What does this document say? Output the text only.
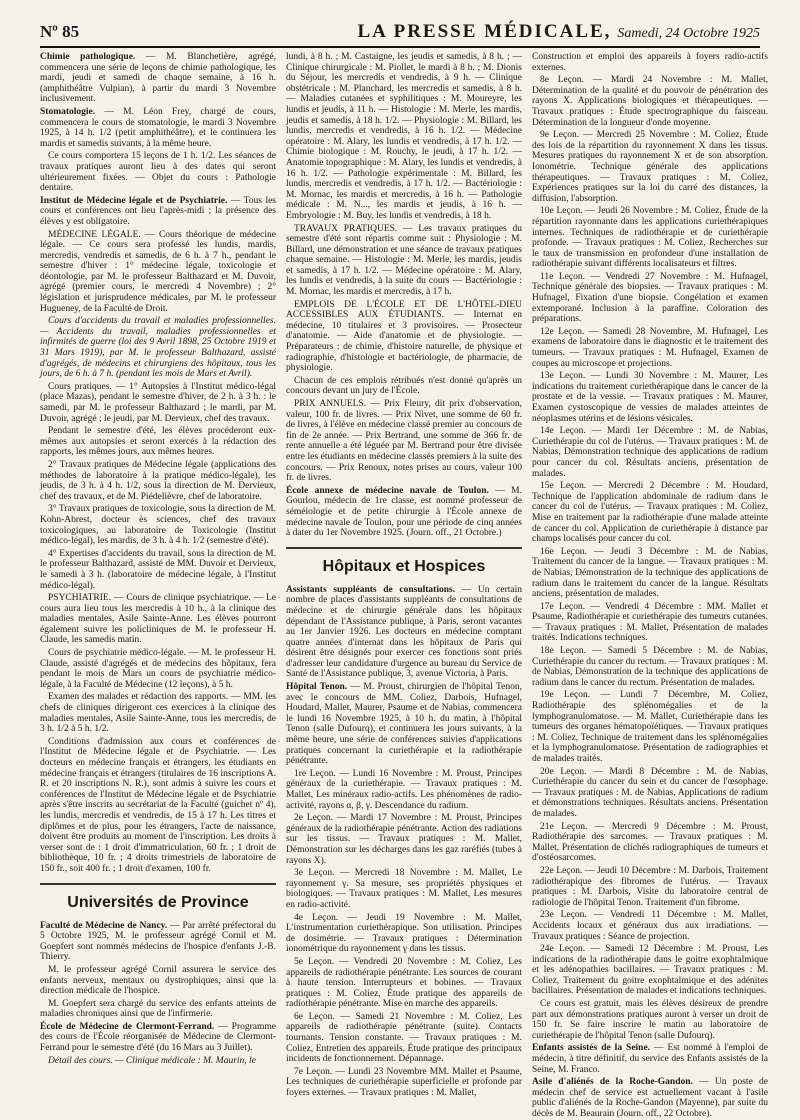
Nº 85	LA PRESSE MÉDICALE, Samedi, 24 Octobre 1925

Chimie pathologique. — M. Blanchetière, agrégé, commencera une série de leçons de chimie pathologique, les mardi, jeudi et samedi de chaque semaine, à 16 h. (amphithéâtre Vulpian), à partir du mardi 3 Novembre inclusivement.

Stomatologie. — M. Léon Frey, chargé de cours, commencera le cours de stomatologie, le mardi 3 Novembre 1925, à 14 h. 1/2 (petit amphithéâtre), et le continuera les mardis et samedis suivants, à la même heure.

Ce cours comportera 15 leçons de 1 h. 1/2. Les séances de travaux pratiques auront lieu à des dates qui seront ultérieurement fixées. — Objet du cours : Pathologie dentaire.

Institut de Médecine légale et de Psychiatrie. — Tous les cours et conférences ont lieu l'après-midi ; la présence des élèves y est obligatoire.

MÉDECINE LÉGALE. — Cours théorique de médecine légale. — Ce cours sera professé les lundis, mardis, mercredis, vendredis et samedis, de 6 h. à 7 h., pendant le semestre d'hiver : 1° médecine légale, toxicologie et déontologie, par M. le professeur Balthazard et M. Duvoir, agrégé (premier cours, le mercredi 4 Novembre) ; 2° législation et jurisprudence médicales, par M. le professeur Hugueney, de la Faculté de Droit.

Cours d'accidents du travail et maladies professionnelles. — Accidents du travail, maladies professionnelles et infirmités de guerre (loi des 9 Avril 1898, 25 Octobre 1919 et 31 Mars 1919), par M. le professeur Balthazard, assisté d'agrégés, de médecins et chirurgiens des hôpitaux, tous les jours, de 6 h. à 7 h. (pendant les mois de Mars et Avril).

Cours pratiques. — 1° Autopsies à l'Institut médico-légal (place Mazas), pendant le semestre d'hiver, de 2 h. à 3 h. : le samedi, par M. le professeur Balthazard ; le mardi, par M. Duvoir, agrégé ; le jeudi, par M. Dervieux, chef des travaux.

Pendant le semestre d'été, les élèves procéderont eux-mêmes aux autopsies et seront exercés à la rédaction des rapports, les mêmes jours, aux mêmes heures.

2° Travaux pratiques de Médecine légale (applications des méthodes de laboratoire à la pratique médico-légale), les jeudis, de 3 h. à 4 h. 1/2, sous la direction de M. Dervieux, chef des travaux, et de M. Piédelièvre, chef de laboratoire.

3° Travaux pratiques de toxicologie, sous la direction de M. Kohn-Abrest, docteur ès sciences, chef des travaux toxicologiques, au laboratoire de Toxicologie (Institut médico-légal), les mardis, de 3 h. à 4 h. 1/2 (semestre d'été).

4° Expertises d'accidents du travail, sous la direction de M. le professeur Balthazard, assisté de MM. Duvoir et Dervieux, le samedi à 3 h. (laboratoire de médecine légale, à l'Institut médico-légal).

PSYCHIATRIE. — Cours de clinique psychiatrique. — Le cours aura lieu tous les mercredis à 10 h., à la clinique des maladies mentales, Asile Sainte-Anne. Les élèves pourront également suivre les policliniques de M. le professeur H. Claude, les samedis matin.

Cours de psychiatrie médico-légale. — M. le professeur H. Claude, assisté d'agrégés et de médecins des hôpitaux, fera pendant le mois de Mars un cours de psychiatrie médico-légale, à la Faculté de Médecine (12 leçons), à 5 h.

Examen des malades et rédaction des rapports. — MM. les chefs de cliniques dirigeront ces exercices à la clinique des maladies mentales, Asile Sainte-Anne, tous les mercredis, de 3 h. 1/2 à 5 h. 1/2.

Conditions d'admission aux cours et conférences de l'Institut de Médecine légale et de Psychiatrie. — Les docteurs en médecine français et étrangers, les étudiants en médecine français et étrangers (titulaires de 16 inscriptions A. R. et 20 inscriptions N. R.), sont admis à suivre les cours et conférences de l'Institut de Médecine légale et de Psychiatrie après s'être inscrits au secrétariat de la Faculté (guichet nº 4), les lundis, mercredis et vendredis, de 15 à 17 h. Les titres et diplômes et de plus, pour les étrangers, l'acte de naissance, doivent être produits au moment de l'inscription. Les droits à verser sont de : 1 droit d'immatriculation, 60 fr. ; 1 droit de bibliothèque, 10 fr. ; 4 droits trimestriels de laboratoire de 150 fr., soit 400 fr. ; 1 droit d'examen, 100 fr.

Universités de Province

Faculté de Médecine de Nancy. — Par arrêté préfectoral du 5 Octobre 1925, M. le professeur agrégé Cornil et M. Goepfert sont nommés médecins de l'hospice d'enfants J.-B. Thierry.

M. le professeur agrégé Cornil assurera le service des enfants nerveux, mentaux ou dystrophiques, ainsi que la direction médicale de l'hospice.

M. Goepfert sera chargé du service des enfants atteints de maladies chroniques ainsi que de l'infirmerie.

École de Médecine de Clermont-Ferrand. — Programme des cours de l'École réorganisée de Médecine de Clermont-Ferrand pour le semestre d'été (du 16 Mars au 3 Juillet).

Détail des cours. — Clinique médicale : M. Maurin, le

lundi, à 8 h. ; M. Castaigne, les jeudis et samedis, à 8 h. ; — Clinique chirurgicale : M. Piollet, le mardi à 8 h. ; M. Dionis du Séjour, les mercredis et vendredis, à 9 h. — Clinique obstétricale : M. Planchard, les mercredis et samedis, à 8 h. — Maladies cutanées et syphilitiques : M. Moureyre, les lundis et jeudis, à 11 h. — Histologie : M. Merle, les mardis, jeudis et samedis, à 18 h. 1/2. — Physiologie : M. Billard, les lundis, mercredis et vendredis, à 16 h. 1/2. — Médecine opératoire : M. Alary, les lundis et vendredis, à 17 h. 1/2. — Chimie biologique : M. Rouchy, le jeudi, à 17 h. 1/2. — Anatomie topographique : M. Alary, les lundis et vendredis, à 16 h. 1/2. — Pathologie expérimentale : M. Billard, les lundis, mercredis et vendredis, à 17 h. 1/2. — Bactériologie : M. Mornac, les mardis et mercredis, à 16 h. — Pathologie médicale : M. N..., les mardis et jeudis, à 16 h. — Embryologie : M. Buy, les lundis et vendredis, à 18 h.

TRAVAUX PRATIQUES. — Les travaux pratiques du semestre d'été sont répartis comme suit : Physiologie : M. Billard, une démonstration et une séance de travaux pratiques chaque semaine. — Histologie : M. Merle, les mardis, jeudis et samedis, à 17 h. 1/2. — Médecine opératoire : M. Alary, les lundis et vendredis, à la suite du cours — Bactériologie : M. Mornac, les mardis et mercredis, à 17 h.

EMPLOIS DE L'ÉCOLE ET DE L'HÔTEL-DIEU ACCESSIBLES AUX ÉTUDIANTS. — Internat en médecine, 10 titulaires et 3 provisoires. — Prosecteur d'anatomie. — Aide d'anatomie et de physiologie. — Préparateurs : de chimie, d'histoire naturelle, de physique et radiographie, d'histologie et bactériologie, de pharmacie, de physiologie.

Chacun de ces emplois rétribués n'est donné qu'après un concours devant un jury de l'École.

PRIX ANNUELS. — Prix Fleury, dit prix d'observation, valeur, 100 fr. de livres. — Prix Nivet, une somme de 60 fr. de livres, à l'élève en médecine classé premier au concours de fin de 2e année. — Prix Bertrand, une somme de 366 fr. de rente annuelle a été léguée par M. Bertrand pour être divisée entre les étudiants en médecine classés premiers à la suite des concours. — Prix Renoux, notes prises au cours, valeur 100 fr. de livres.

École annexe de médecine navale de Toulon. — M. Gourlou, médecin de 1re classe, est nommé professeur de séméiologie et de petite chirurgie à l'École annexe de médecine navale de Toulon, pour une période de cinq années à dater du 1er Novembre 1925. (Journ. off., 21 Octobre.)

Hôpitaux et Hospices

Assistants suppléants de consultations. — Un certain nombre de places d'assistants suppléants de consultations de médecine et de chirurgie générale dans les hôpitaux dépendant de l'Assistance publique, à Paris, seront vacantes au 1er Janvier 1926. Les docteurs en médecine comptant quatre années d'internat dans les hôpitaux de Paris qui désirent être désignés pour exercer ces fonctions sont priés d'adresser leur candidature d'urgence au bureau du Service de Santé de l'Assistance publique, 3, avenue Victoria, à Paris.

Hôpital Tenon. — M. Proust, chirurgien de l'hôpital Tenon, avec le concours de MM. Coliez, Darbois, Hufnagel, Houdard, Mallet, Maurer, Psaume et de Nabias, commencera le lundi 16 Novembre 1925, à 10 h. du matin, à l'hôpital Tenon (salle Dufourq), et continuera les jours suivants, à la même heure, une série de conférences suivies d'applications pratiques concernant la curiethérapie et la radiothérapie pénétrante.

1re Leçon. — Lundi 16 Novembre : M. Proust, Principes généraux de la curiethérapie. — Travaux pratiques : M. Mallet, Les minéraux radio-actifs. Les phénomènes de radio-activité, rayons α, β, γ. Descendance du radium.

2e Leçon. — Mardi 17 Novembre : M. Proust, Principes généraux de la radiothérapie pénétrante. Action des radiations sur les tissus. — Travaux pratiques : M. Mallet, Démonstration sur les décharges dans les gaz raréfiés (tubes à rayons X).

3e Leçon. — Mercredi 18 Novembre : M. Mallet, Le rayonnement γ. Sa mesure, ses propriétés physiques et biologiques. — Travaux pratiques : M. Mallet, Les mesures en radio-activité.

4e Leçon. — Jeudi 19 Novembre : M. Mallet, L'instrumentation curiethérapique. Son utilisation. Principes de dosimétrie. — Travaux pratiques : Détermination ionométrique du rayonnement γ dans les tissus.

5e Leçon. — Vendredi 20 Novembre : M. Coliez, Les appareils de radiothérapie pénétrante. Les sources de courant à haute tension. Interrupteurs et bobines. — Travaux pratiques : M. Coliez, Étude pratique des appareils de radiothérapie pénétrante. Mise en marche des appareils.

6e Leçon. — Samedi 21 Novembre : M. Coliez, Les appareils de radiothérapie pénétrante (suite). Contacts tournants. Tension constante. — Travaux pratiques : M. Coliez, Entretien des appareils. Étude pratique des principaux incidents de fonctionnement. Dépannage.

7e Leçon. — Lundi 23 Novembre MM. Mallet et Psaume, Les techniques de curiethérapie superficielle et profonde par foyers externes. — Travaux pratiques : M. Mallet,

Construction et emploi des appareils à foyers radio-actifs externes.

8e Leçon. — Mardi 24 Novembre : M. Mallet, Détermination de la qualité et du pouvoir de pénétration des rayons X. Applications biologiques et thérapeutiques. — Travaux pratiques : Étude spectrographique du faisceau. Détermination de la longueur d'onde moyenne.

9e Leçon. — Mercredi 25 Novembre : M. Coliez, Étude des lois de la répartition du rayonnement X dans les tissus. Mesures pratiques du rayonnement X et de son absorption. Ionométrie. Technique générale des applications thérapeutiques. — Travaux pratiques : M. Coliez, Expériences pratiques sur la loi du carré des distances, la diffusion, l'absorption.

10e Leçon. — Jeudi 26 Novembre : M. Coliez, Étude de la répartition rayonnante dans les applications curiethérapiques internes. Techniques de radiothérapie et de curiethérapie profonde. — Travaux pratiques : M. Coliez, Recherches sur le taux de transmission en profondeur d'une installation de radiothérapie suivant différents localisateurs et filtres.

11e Leçon. — Vendredi 27 Novembre : M. Hufnagel, Technique générale des biopsies. — Travaux pratiques : M. Hufnagel, Fixation d'une biopsie. Congélation et examen extemporané. Inclusion à la paraffine. Coloration des préparations.

12e Leçon. — Samedi 28 Novembre, M. Hufnagel, Les examens de laboratoire dans le diagnostic et le traitement des tumeurs. — Travaux pratiques : M. Hufnagel, Examen de coupes au microscope et projections.

13e Leçon. — Lundi 30 Novembre : M. Maurer, Les indications du traitement curiethérapique dans le cancer de la prostate et de la vessie. — Travaux pratiques : M. Maurer, Examen cystoscopique de vessies de malades atteintes de néoplasmes utérins et de lésions vésicales.

14e Leçon. — Mardi 1er Décembre : M. de Nabias, Curiethérapie du col de l'utérus. — Travaux pratiques : M. de Nabias, Démonstration technique des applications de radium pour cancer du col. Résultats anciens, présentation de malades.

15e Leçon. — Mercredi 2 Décembre : M. Houdard, Technique de l'application abdominale de radium dans le cancer du col de l'utérus. — Travaux pratiques : M. Coliez, Mise en traitement par la radiothérapie d'une malade atteinte de cancer du col. Application de curiethérapie à distance par champs localisés pour cancer du col.

16e Leçon. — Jeudi 3 Décembre : M. de Nabias, Traitement du cancer de la langue. — Travaux pratiques : M. de Nabias, Démonstration de la technique des applications de radium dans le traitement du cancer de la langue. Résultats anciens, présentation de malades.

17e Leçon. — Vendredi 4 Décembre : MM. Mallet et Psaume, Radiothérapie et curiethérapie des tumeurs cutanées. — Travaux pratiques : M. Mallet, Présentation de malades traités. Indications techniques.

18e Leçon. — Samedi 5 Décembre : M. de Nabias, Curiethérapie du cancer du rectum. — Travaux pratiques : M. de Nabias, Démonstration de la technique des applications de radium dans le cancer du rectum. Présentation de malades.

19e Leçon. — Lundi 7 Décembre, M. Coliez, Radiothérapie des splénomégalies et de la lymphogranulomatose. — M. Mallet, Curiethérapie dans les tumeurs des organes hématopoïétiques. — Travaux pratiques : M. Coliez, Technique de traitement dans les splénomégalies et la lymphogranulomatose. Présentation de radiographies et de malades traités.

20e Leçon. — Mardi 8 Décembre : M. de Nabias, Curiethérapie du cancer du sein et du cancer de l'œsophage. — Travaux pratiques : M. de Nabias, Applications de radium et démonstrations techniques. Résultats anciens. Présentation de malades.

21e Leçon. — Mercredi 9 Décembre : M. Proust, Radiothérapie des sarcomes. — Travaux pratiques : M. Mallet, Présentation de clichés radiographiques de tumeurs et d'ostéosarcomes.

22e Leçon. — Jeudi 10 Décembre : M. Darbois, Traitement radiothérapique des fibromes de l'utérus. — Travaux pratiques : M. Darbois, Visite du laboratoire central de radiologie de l'hôpital Tenon. Traitement d'un fibrome.

23e Leçon. — Vendredi 11 Décembre : M. Mallet, Accidents locaux et généraux dus aux irradiations. — Travaux pratiques : Séance de projection.

24e Leçon. — Samedi 12 Décembre : M. Proust, Les indications de la radiothérapie dans le goitre exophtalmique et les adénopathies bacillaires. — Travaux pratiques : M. Coliez, Traitement du goitre exophtalmique et des adénites bacillaires. Présentation de malades et indications techniques.

Ce cours est gratuit, mais les élèves désireux de prendre part aux démonstrations pratiques auront à verser un droit de 150 fr. Se faire inscrire le matin au laboratoire de curiethérapie de l'hôpital Tenon (salle Dufourq).

Enfants assistés de la Seine. — Est nommé à l'emploi de médecin, à titre définitif, du service des Enfants assistés de la Seine, M. Franco.

Asile d'aliénés de la Roche-Gandon. — Un poste de médecin chef de service est actuellement vacant à l'asile public d'aliénés de la Roche-Gandon (Mayenne), par suite du décès de M. Beaurain (Journ. off., 22 Octobre).
